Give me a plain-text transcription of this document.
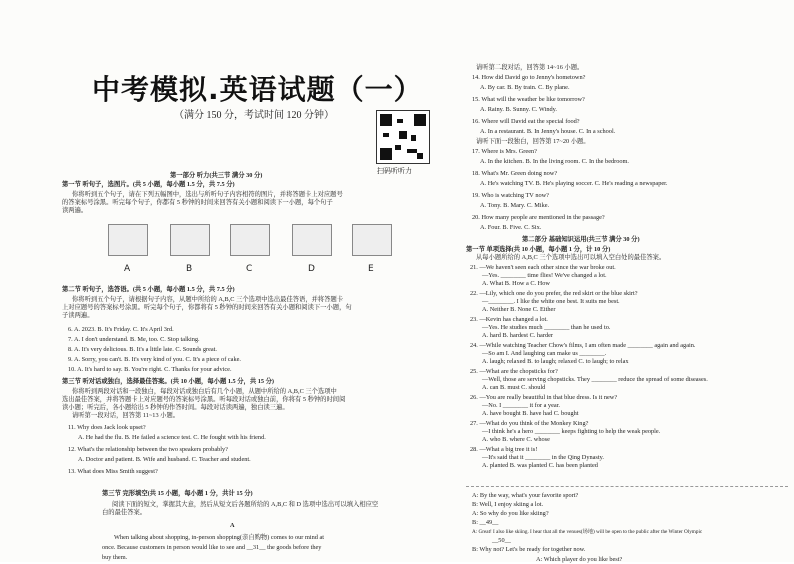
中考模拟.英语试题（一）
（满分 150 分，考试时间 120 分钟）
扫码听听力
第一部分 听力(共三节 满分 30 分)
第一节 听句子，选图片。(共 5 小题，每小题 1.5 分，共 7.5 分)
你将听到五个句子，请在下列五幅图中，选出与所听句子内容相符的图片，并将答题卡上对应题号
的答案标号涂黑。听完每个句子，你都有 5 秒钟的时间来回答有关小题和阅读下一小题，每个句子
读两遍。
A	B	C	D	E
第二节 听句子，选答语。(共 5 小题，每小题 1.5 分，共 7.5 分)
你将听到五个句子，请根据句子内容，从题中所给的 A,B,C 三个选项中选出最佳答语，并将答题卡
上对应题号的答案标号涂黑。听完每个句子，你都将有 5 秒钟的时间来回答有关小题和阅读下一小题，句
子读两遍。
6. A. 2023. B. It's Friday. C. It's April 3rd.
7. A. I don't understand. B. Me, too. C. Stop talking.
8. A. It's very delicious. B. It's a little late. C. Sounds great.
9. A. Sorry, you can't. B. It's very kind of you. C. It's a piece of cake.
10. A. It's hard to say. B. You're right. C. Thanks for your advice.
第三节 听对话或独白，选择最佳答案。(共 10 小题，每小题 1.5 分，共 15 分)
你将听到两段对话和一段独白，每段对话或独白后有几个小题，从题中所给的 A,B,C 三个选项中
选出最佳答案，并将答题卡上对应题号的答案标号涂黑。听每段对话或独白前，你将有 5 秒钟的时间阅
读小题；听完后，各小题给出 5 秒钟的作答时间。每段对话读两遍，独白读三遍。
请听第一段对话，回答第 11~13 小题。
11. Why does Jack look upset?
A. He had the flu. B. He failed a science test. C. He fought with his friend.
12. What's the relationship between the two speakers probably?
A. Doctor and patient. B. Wife and husband. C. Teacher and student.
13. What does Miss Smith suggest?
第三节 完形填空(共 15 小题，每小题 1 分，共计 15 分)
阅读下面的短文，掌握其大意，然后从短文后各题所给的 A,B,C 和 D 选项中选出可以填入相应空
白的最佳答案。
A
When talking about shopping, in-person shopping(亲自购物) comes to our mind at
once. Because customers in person would like to see and __31__ the goods before they
buy them.
请听第二段对话，回答第 14~16 小题。
14. How did David go to Jenny's hometown?
A. By car. B. By train. C. By plane.
15. What will the weather be like tomorrow?
A. Rainy. B. Sunny. C. Windy.
16. Where will David eat the special food?
A. In a restaurant. B. In Jenny's house. C. In a school.
请听下面一段独白，回答第 17~20 小题。
17. Where is Mrs. Green?
A. In the kitchen. B. In the living room. C. In the bedroom.
18. What's Mr. Green doing now?
A. He's watching TV. B. He's playing soccer. C. He's reading a newspaper.
19. Who is watching TV now?
A. Tony. B. Mary. C. Mike.
20. How many people are mentioned in the passage?
A. Four. B. Five. C. Six.
第二部分 基础知识运用(共三节 满分 30 分)
第一节 单项选择(共 10 小题，每小题 1 分，计 10 分)
从每小题所给的 A,B,C 三个选项中选出可以填入空白处的最佳答案。
21. —We haven't seen each other since the war broke out.
—Yes. ________ time flies! We've changed a lot.
A. What B. How a C. How
22. —Lily, which one do you prefer, the red skirt or the blue skirt?
—________. I like the white one best. It suits me best.
A. Neither B. None C. Either
23. —Kevin has changed a lot.
—Yes. He studies much ________ than he used to.
A. hard B. hardest C. harder
24. —While watching Teacher Chow's films, I am often made ________ again and again.
—So am I. And laughing can make us ________.
A. laugh; relaxed B. to laugh; relaxed C. to laugh; to relax
25. —What are the chopsticks for?
—Well, those are serving chopsticks. They ________ reduce the spread of some diseases.
A. can B. must C. should
26. —You are really beautiful in that blue dress. Is it new?
—No. I ________ it for a year.
A. have bought B. have had C. bought
27. —What do you think of the Monkey King?
—I think he's a hero ________ keeps fighting to help the weak people.
A. who B. where C. whose
28. —What a big tree it is!
—It's said that it ________ in the Qing Dynasty.
A. planted B. was planted C. has been planted
A: By the way, what's your favorite sport?
B: Well, I enjoy skiing a lot.
A: So why do you like skiing?
B: __49__
A: Great! I also like skiing. I hear that all the venues(场地) will be open to the public after the Winter Olympic
__50__
B: Why not? Let's be ready for together now.
A: Which player do you like best?
